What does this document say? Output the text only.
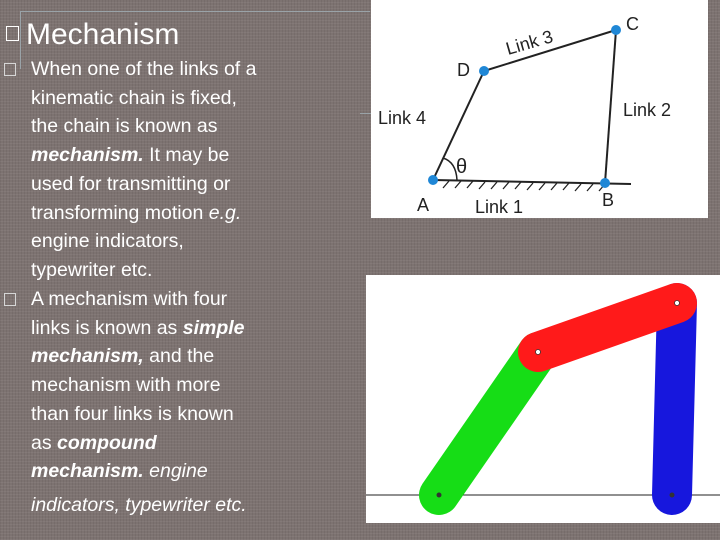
Mechanism
When one of the links of a
kinematic chain is fixed,
the chain is known as
mechanism. It may be
used for transmitting or
transforming motion e.g.
engine indicators,
typewriter etc.
A mechanism with four
links is known as simple
mechanism, and the
mechanism with more
than four links is known
as compound
mechanism. engine
indicators, typewriter etc.
A	B
C
D
Link 1
Link 2
Link 3
Link 4
θ
